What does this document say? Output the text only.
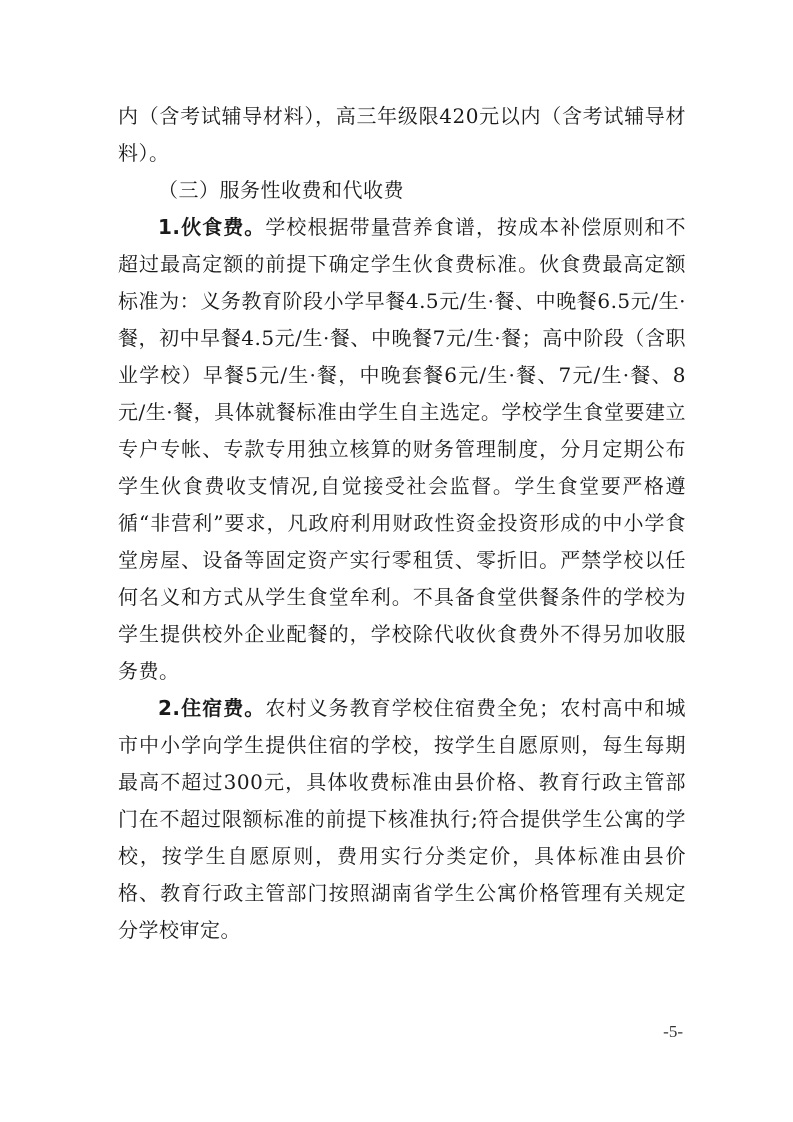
内（含考试辅导材料），高三年级限420元以内（含考试辅导材料）。

（三）服务性收费和代收费

1.伙食费。学校根据带量营养食谱，按成本补偿原则和不超过最高定额的前提下确定学生伙食费标准。伙食费最高定额标准为：义务教育阶段小学早餐4.5元/生·餐、中晚餐6.5元/生·餐，初中早餐4.5元/生·餐、中晚餐7元/生·餐；高中阶段（含职业学校）早餐5元/生·餐，中晚套餐6元/生·餐、7元/生·餐、8元/生·餐，具体就餐标准由学生自主选定。学校学生食堂要建立专户专帐、专款专用独立核算的财务管理制度，分月定期公布学生伙食费收支情况,自觉接受社会监督。学生食堂要严格遵循“非营利”要求，凡政府利用财政性资金投资形成的中小学食堂房屋、设备等固定资产实行零租赁、零折旧。严禁学校以任何名义和方式从学生食堂牟利。不具备食堂供餐条件的学校为学生提供校外企业配餐的，学校除代收伙食费外不得另加收服务费。

2.住宿费。农村义务教育学校住宿费全免；农村高中和城市中小学向学生提供住宿的学校，按学生自愿原则，每生每期最高不超过300元，具体收费标准由县价格、教育行政主管部门在不超过限额标准的前提下核准执行;符合提供学生公寓的学校，按学生自愿原则，费用实行分类定价，具体标准由县价格、教育行政主管部门按照湖南省学生公寓价格管理有关规定分学校审定。

-5-
